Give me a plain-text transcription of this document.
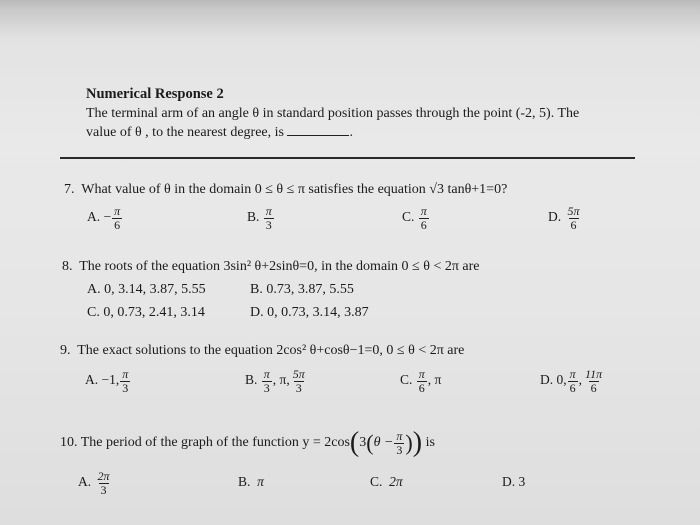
Numerical Response 2
The terminal arm of an angle θ in standard position passes through the point (-2, 5). The
value of θ , to the nearest degree, is	.
7. What value of θ in the domain 0 ≤ θ ≤ π satisfies the equation √3 tanθ+1=0?
A. − $\frac{\pi}{6}$	B. $\frac{\pi}{3}$	C. $\frac{\pi}{6}$	D. $\frac{5\pi}{6}$
8. The roots of the equation 3sin² θ+2sinθ=0, in the domain 0 ≤ θ < 2π are
A. 0, 3.14, 3.87, 5.55	B. 0.73, 3.87, 5.55
C. 0, 0.73, 2.41, 3.14	D. 0, 0.73, 3.14, 3.87
9. The exact solutions to the equation 2cos² θ+cosθ−1=0, 0 ≤ θ < 2π are
A. −1, $\frac{\pi}{3}$	B. $\frac{\pi}{3}$ , π, $\frac{5\pi}{3}$	C. $\frac{\pi}{6}$ , π	D. 0, $\frac{\pi}{6}$ , $\frac{11\pi}{6}$
10. The period of the graph of the function $y = 2\cos(3(\theta - \frac{\pi}{3}$ )) is
A. $\frac{2\pi}{3}$	B. π	C. 2π	D. 3
